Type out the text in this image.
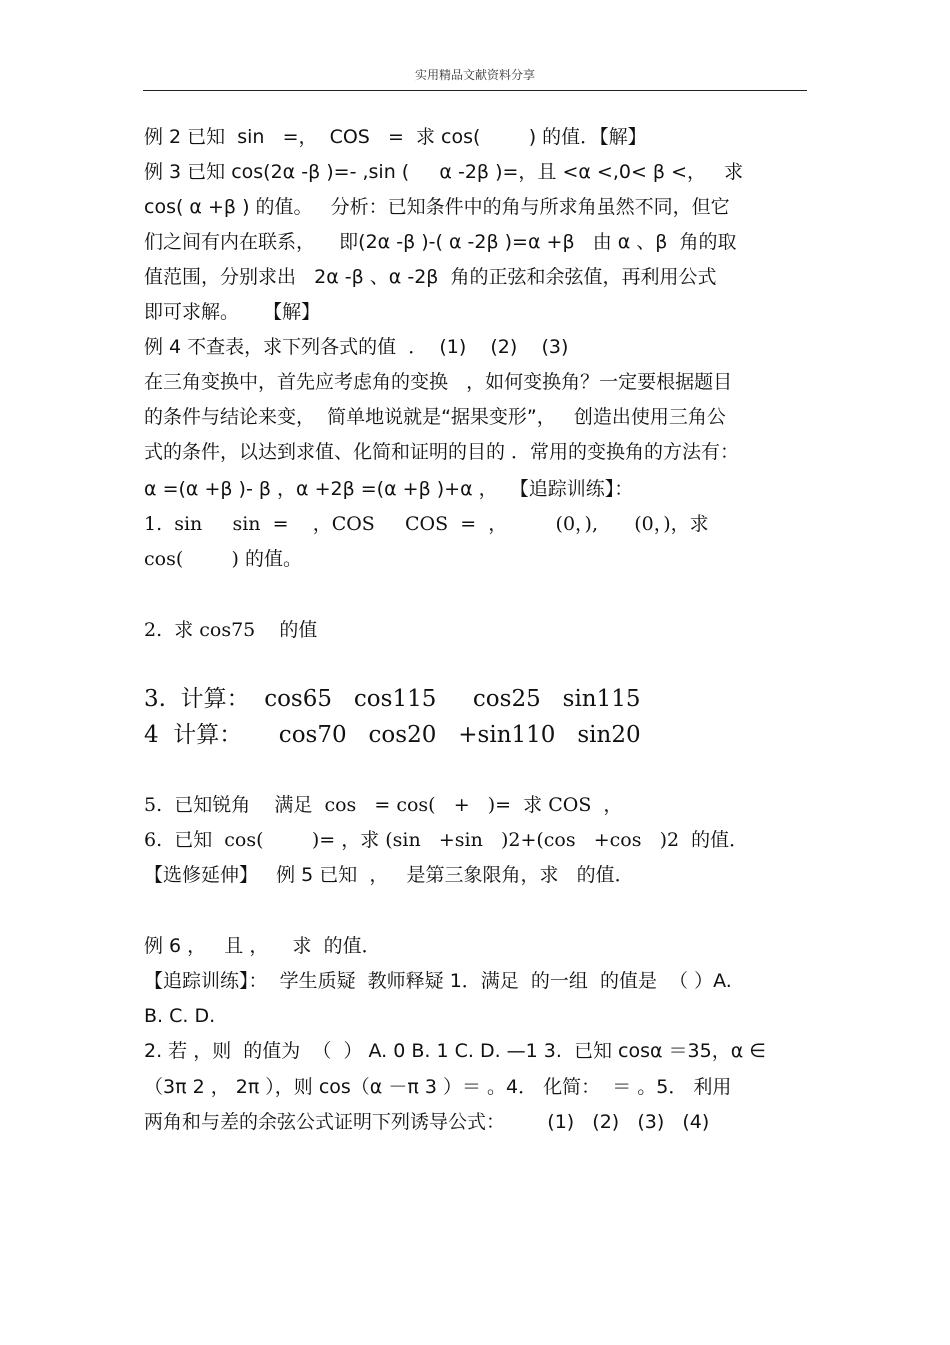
实用精品文献资料分享
例 2 已知  sin   =，  COS   =  求 cos(        ) 的值．【解】
例 3 已知 cos(2α -β )=- ,sin (     α -2β )=，且 <α <,0< β <，   求
cos( α +β ) 的值。   分析：已知条件中的角与所求角虽然不同，但它
们之间有内在联系，    即(2α -β )-( α -2β )=α +β   由 α 、β  角的取
值范围，分别求出   2α -β 、α -2β  角的正弦和余弦值，再利用公式
即可求解。    【解】
例 4 不查表，求下列各式的值  ．  (1)    (2)    (3)
在三角变换中，首先应考虑角的变换   ，如何变换角？一定要根据题目
的条件与结论来变，  简单地说就是“据果变形”，   创造出使用三角公
式的条件，以达到求值、化简和证明的目的 ．常用的变换角的方法有：
α =(α +β )- β ，α +2β =(α +β )+α ，  【追踪训练】：
1.  sin     sin  =    ，COS     COS  =  ，        (0，),      (0，)，求
cos(        ) 的值。
2.  求 cos75    的值
3.  计算：  cos65   cos115     cos25   sin115
4  计算：     cos70   cos20   +sin110   sin20
5.  已知锐角    满足  cos   = cos(   +   )=  求 COS  ，
6.  已知  cos(        )= ，求 (sin   +sin   )2+(cos   +cos   )2  的值．
【选修延伸】   例 5 已知  ，   是第三象限角，求   的值．
例 6 ，   且 ，    求  的值．
【追踪训练】：  学生质疑  教师释疑 1．满足  的一组  的值是  （ ）A.
B. C. D.
2. 若 ，则  的值为  （  ） A. 0 B. 1 C. D. —1 3.  已知 cosα ＝35，α ∈
（3π 2 ， 2π ），则 cos（α －π 3 ）＝ 。4． 化简：  ＝ 。5． 利用
两角和与差的余弦公式证明下列诱导公式：       (1)   (2)   (3)   (4)
